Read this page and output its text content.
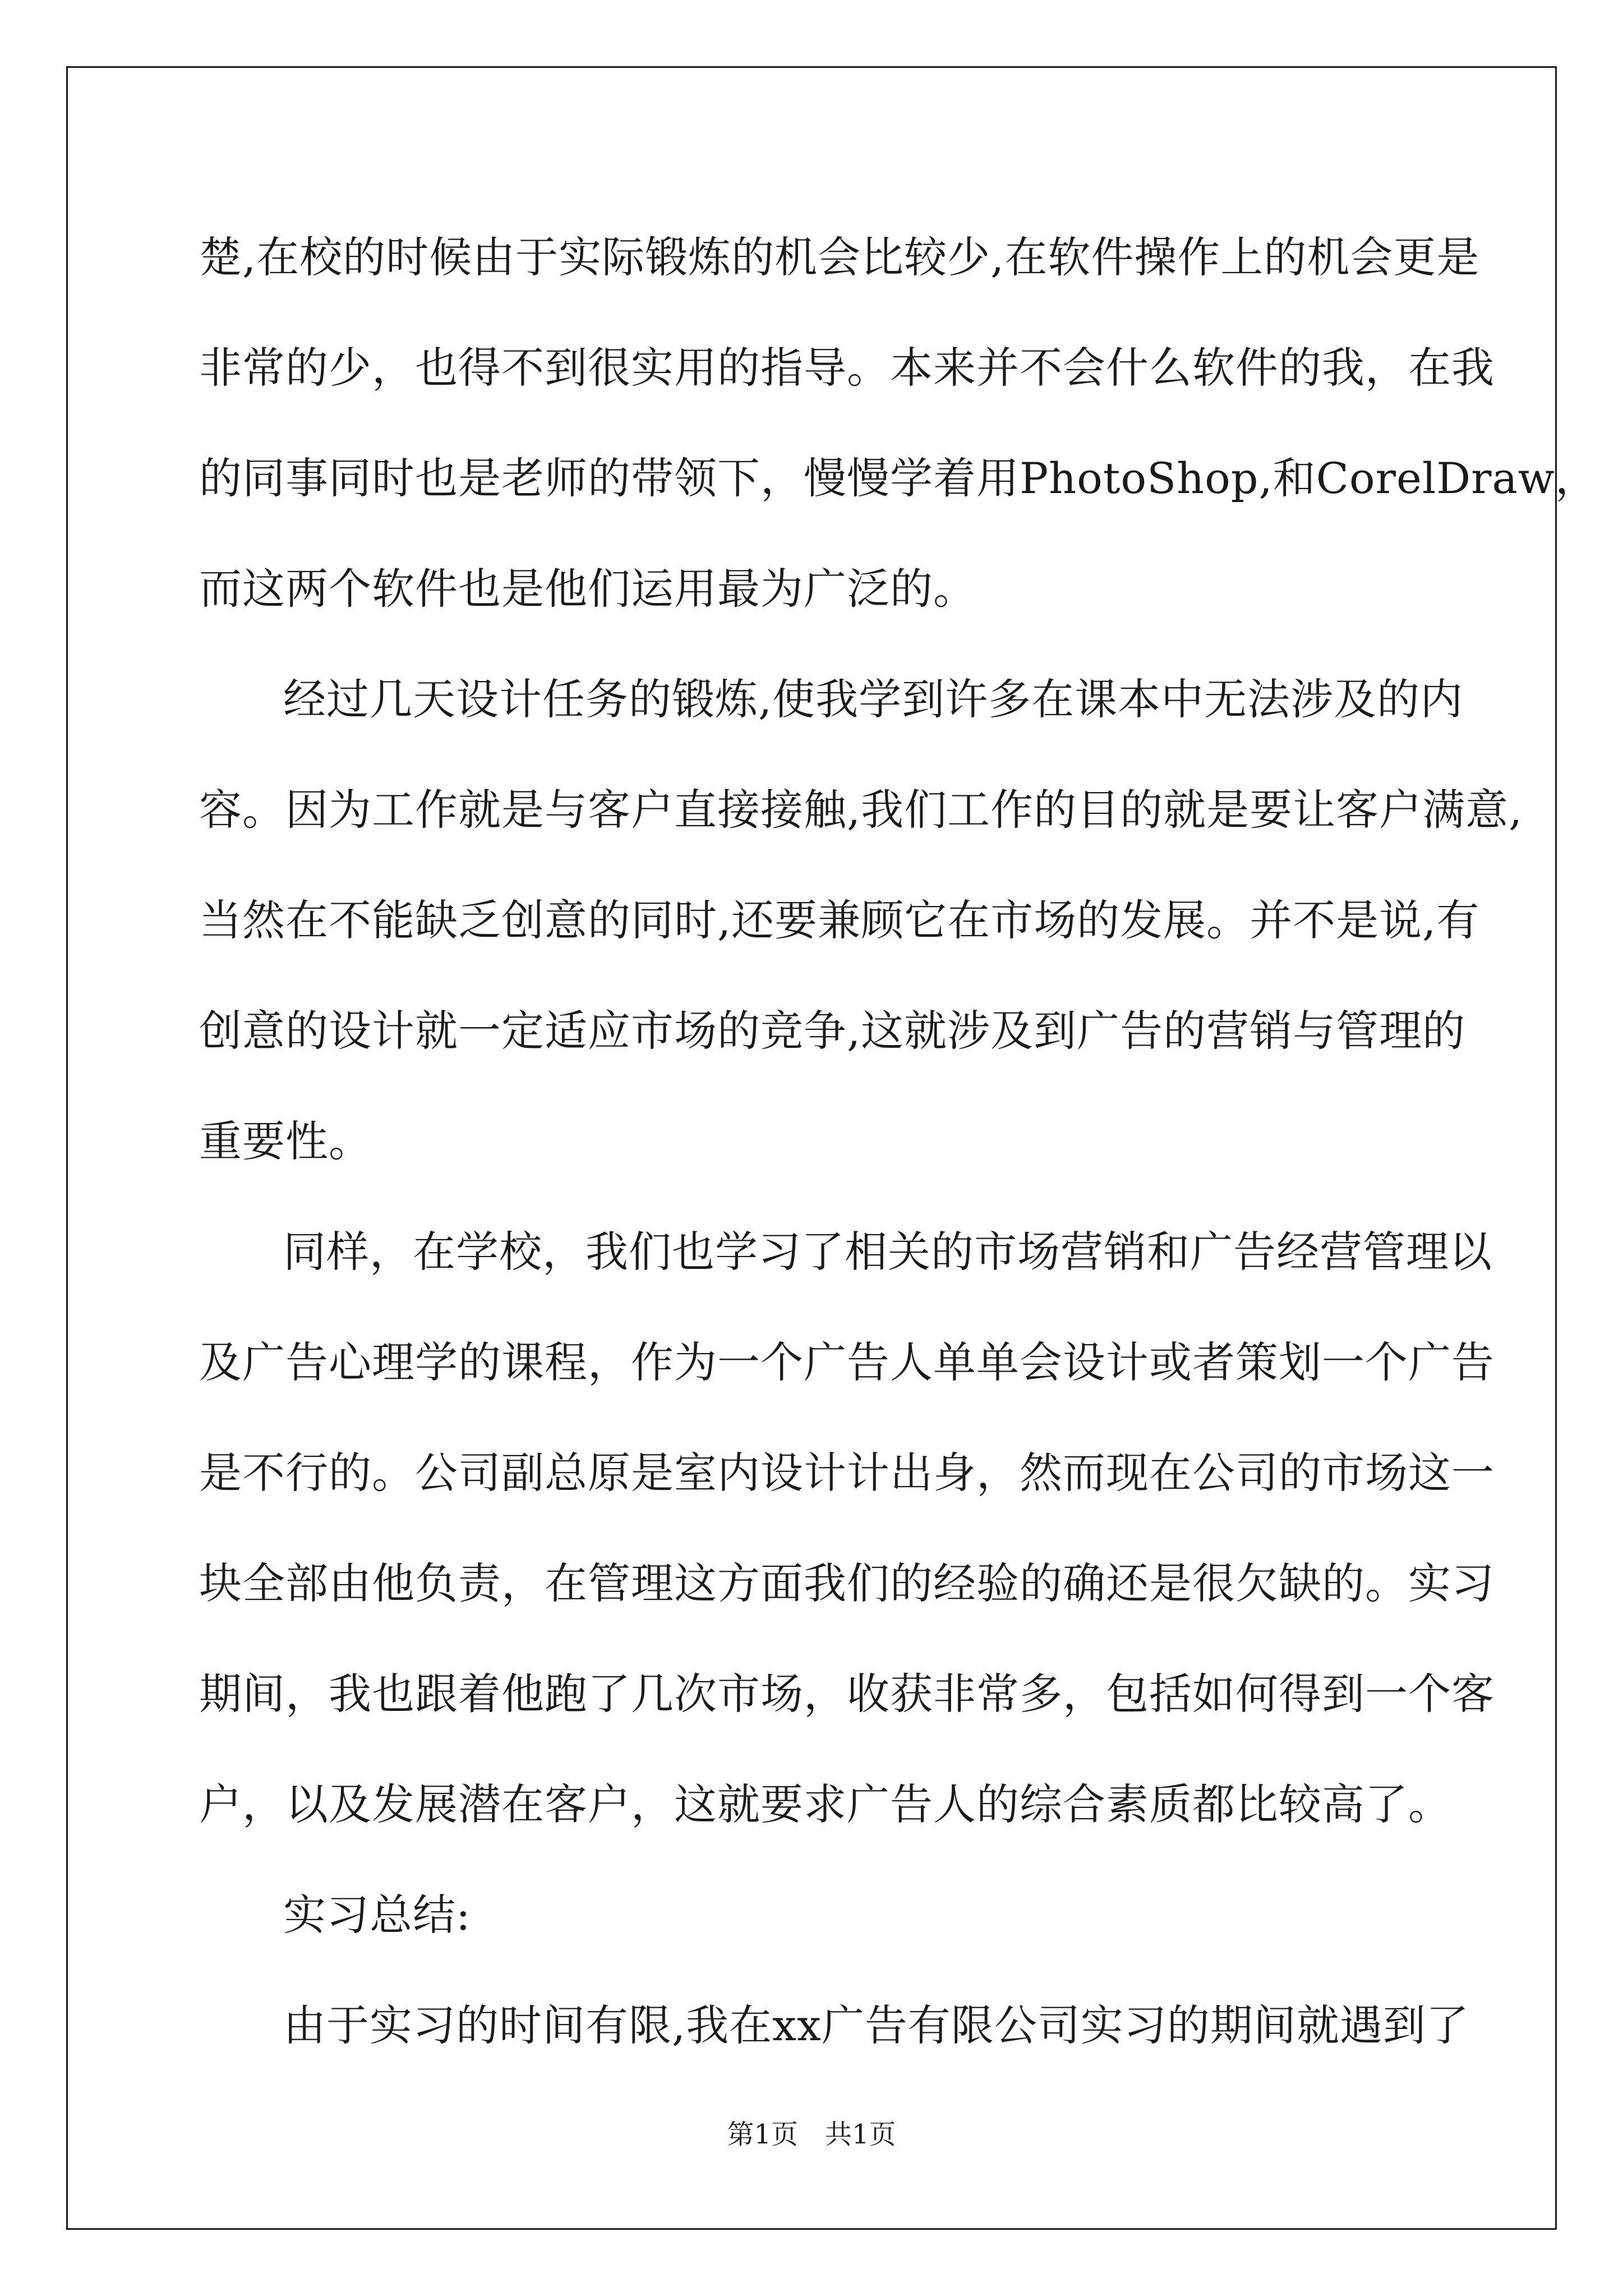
楚,在校的时候由于实际锻炼的机会比较少,在软件操作上的机会更是
非常的少，也得不到很实用的指导。本来并不会什么软件的我，在我
的同事同时也是老师的带领下，慢慢学着用PhotoShop,和CorelDraw，
而这两个软件也是他们运用最为广泛的。
经过几天设计任务的锻炼,使我学到许多在课本中无法涉及的内
容。因为工作就是与客户直接接触,我们工作的目的就是要让客户满意,
当然在不能缺乏创意的同时,还要兼顾它在市场的发展。并不是说,有
创意的设计就一定适应市场的竞争,这就涉及到广告的营销与管理的
重要性。
同样，在学校，我们也学习了相关的市场营销和广告经营管理以
及广告心理学的课程，作为一个广告人单单会设计或者策划一个广告
是不行的。公司副总原是室内设计计出身，然而现在公司的市场这一
块全部由他负责，在管理这方面我们的经验的确还是很欠缺的。实习
期间，我也跟着他跑了几次市场，收获非常多，包括如何得到一个客
户，以及发展潜在客户，这就要求广告人的综合素质都比较高了。
实习总结:
由于实习的时间有限,我在xx广告有限公司实习的期间就遇到了
第1页　共1页
